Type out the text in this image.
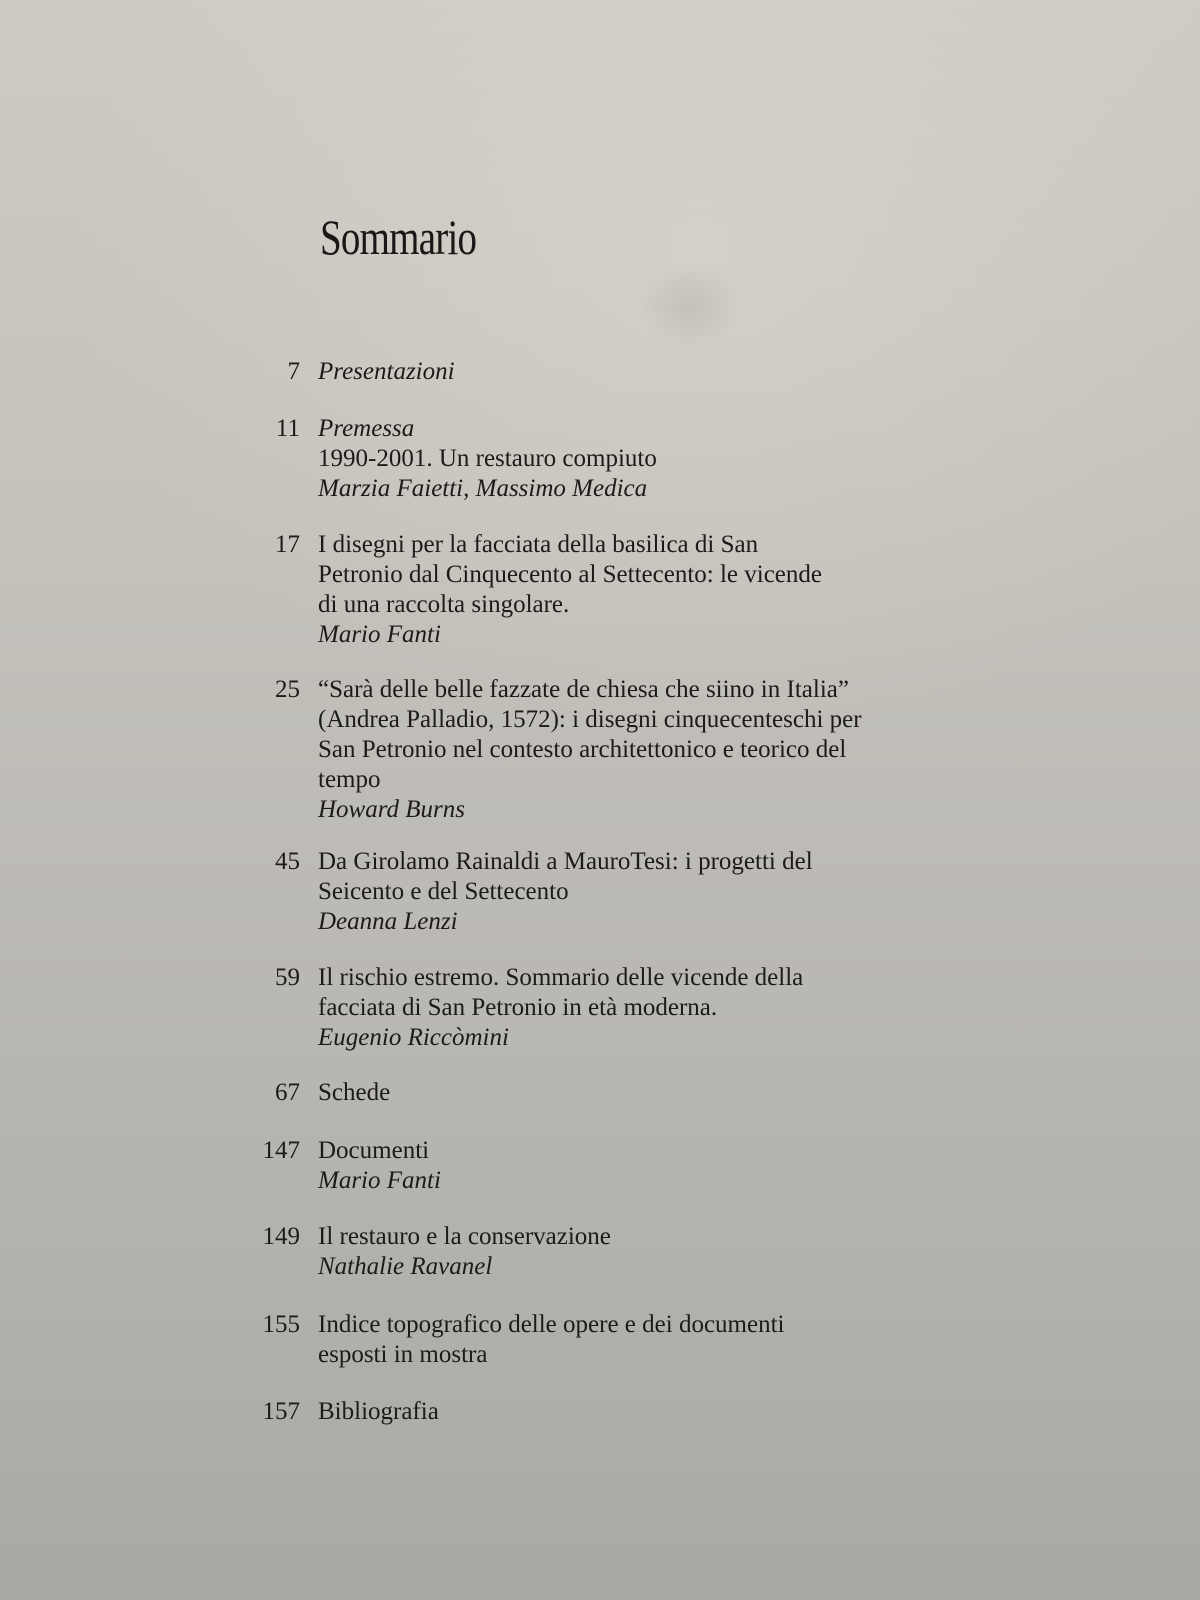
Sommario
7 Presentazioni
11 Premessa
1990-2001. Un restauro compiuto
Marzia Faietti, Massimo Medica
17 I disegni per la facciata della basilica di San
Petronio dal Cinquecento al Settecento: le vicende
di una raccolta singolare.
Mario Fanti
25 “Sarà delle belle fazzate de chiesa che siino in Italia”
(Andrea Palladio, 1572): i disegni cinquecenteschi per
San Petronio nel contesto architettonico e teorico del
tempo
Howard Burns
45 Da Girolamo Rainaldi a MauroTesi: i progetti del
Seicento e del Settecento
Deanna Lenzi
59 Il rischio estremo. Sommario delle vicende della
facciata di San Petronio in età moderna.
Eugenio Riccòmini
67 Schede
147 Documenti
Mario Fanti
149 Il restauro e la conservazione
Nathalie Ravanel
155 Indice topografico delle opere e dei documenti
esposti in mostra
157 Bibliografia
